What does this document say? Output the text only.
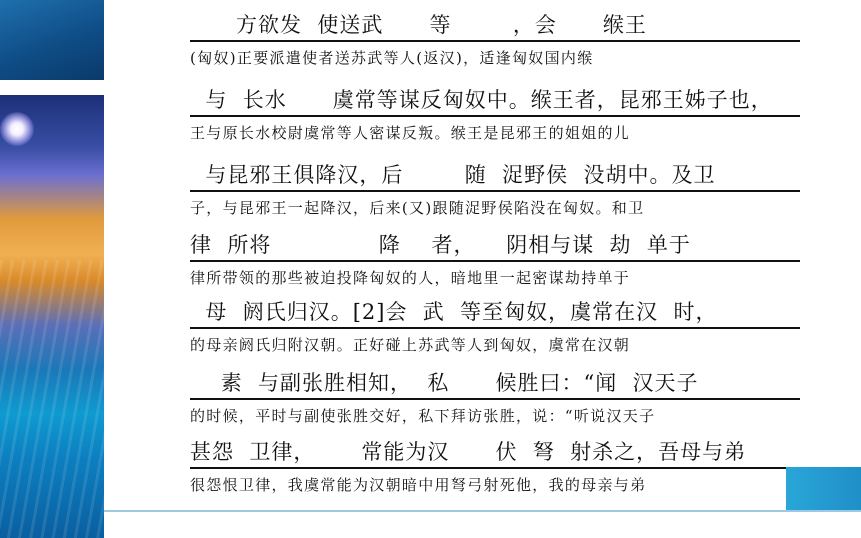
方欲发  使送武      等        ，会      缑王
(匈奴)正要派遣使者送苏武等人(返汉)，适逢匈奴国内缑
与  长水      虞常等谋反匈奴中。缑王者，昆邪王姊子也，
王与原长水校尉虞常等人密谋反叛。缑王是昆邪王的姐姐的儿
与昆邪王俱降汉，后        随  浞野侯  没胡中。及卫
子，与昆邪王一起降汉，后来(又)跟随浞野侯陷没在匈奴。和卫
律  所将              降    者，    阴相与谋  劫  单于
律所带领的那些被迫投降匈奴的人，暗地里一起密谋劫持单于
母  阏氏归汉。[2]会  武  等至匈奴，虞常在汉  时，
的母亲阏氏归附汉朝。正好碰上苏武等人到匈奴，虞常在汉朝
素  与副张胜相知，  私      候胜曰：“闻  汉天子
的时候，平时与副使张胜交好，私下拜访张胜，说：“听说汉天子
甚怨  卫律，      常能为汉      伏  弩  射杀之，吾母与弟
很怨恨卫律，我虞常能为汉朝暗中用弩弓射死他，我的母亲与弟
